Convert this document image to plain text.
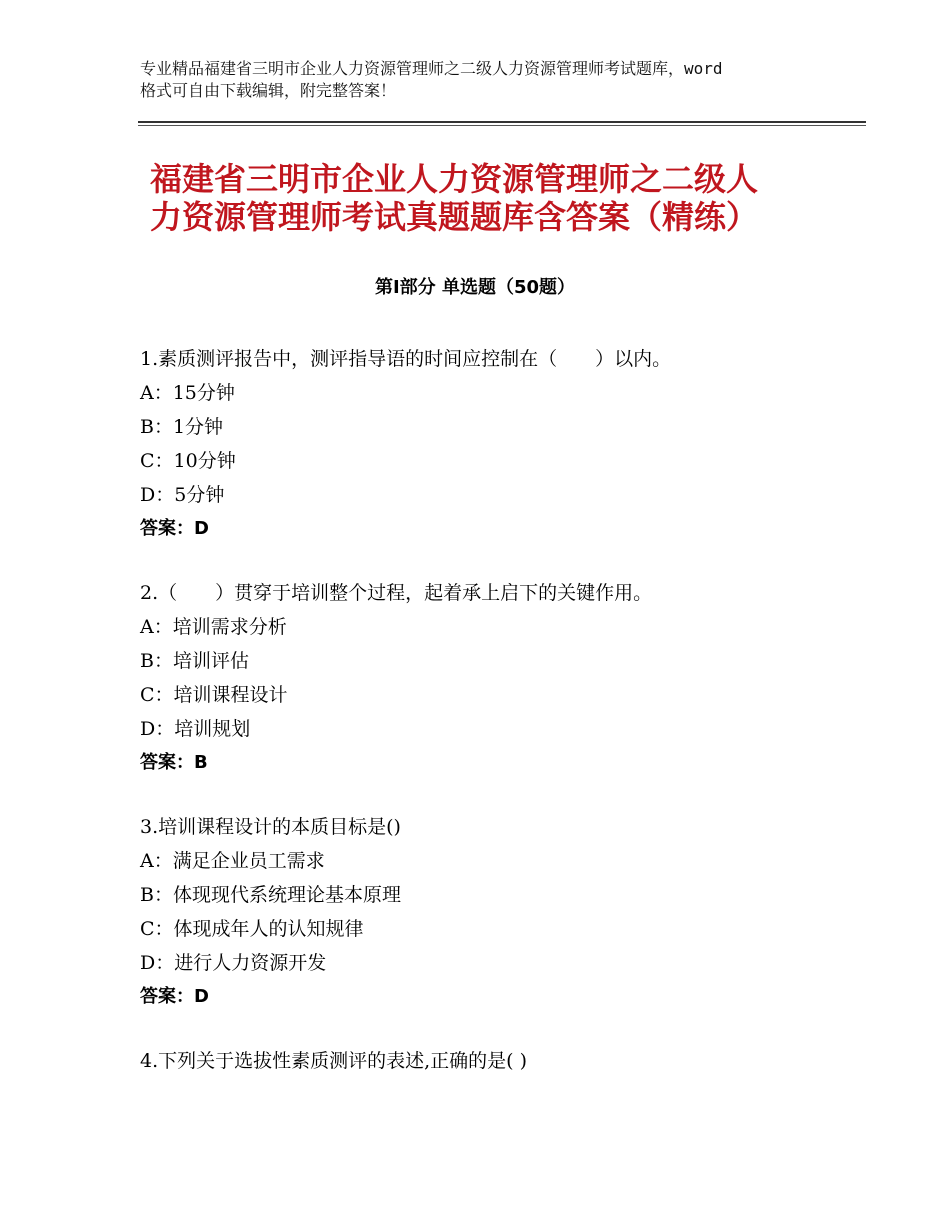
专业精品福建省三明市企业人力资源管理师之二级人力资源管理师考试题库，word
格式可自由下载编辑，附完整答案！
福建省三明市企业人力资源管理师之二级人
力资源管理师考试真题题库含答案（精练）
第Ⅰ部分 单选题（50题）
1.素质测评报告中，测评指导语的时间应控制在（　　）以内。
A：15分钟
B：1分钟
C：10分钟
D：5分钟
答案：D
2.（　　）贯穿于培训整个过程，起着承上启下的关键作用。
A：培训需求分析
B：培训评估
C：培训课程设计
D：培训规划
答案：B
3.培训课程设计的本质目标是()
A：满足企业员工需求
B：体现现代系统理论基本原理
C：体现成年人的认知规律
D：进行人力资源开发
答案：D
4.下列关于选拔性素质测评的表述,正确的是( )
